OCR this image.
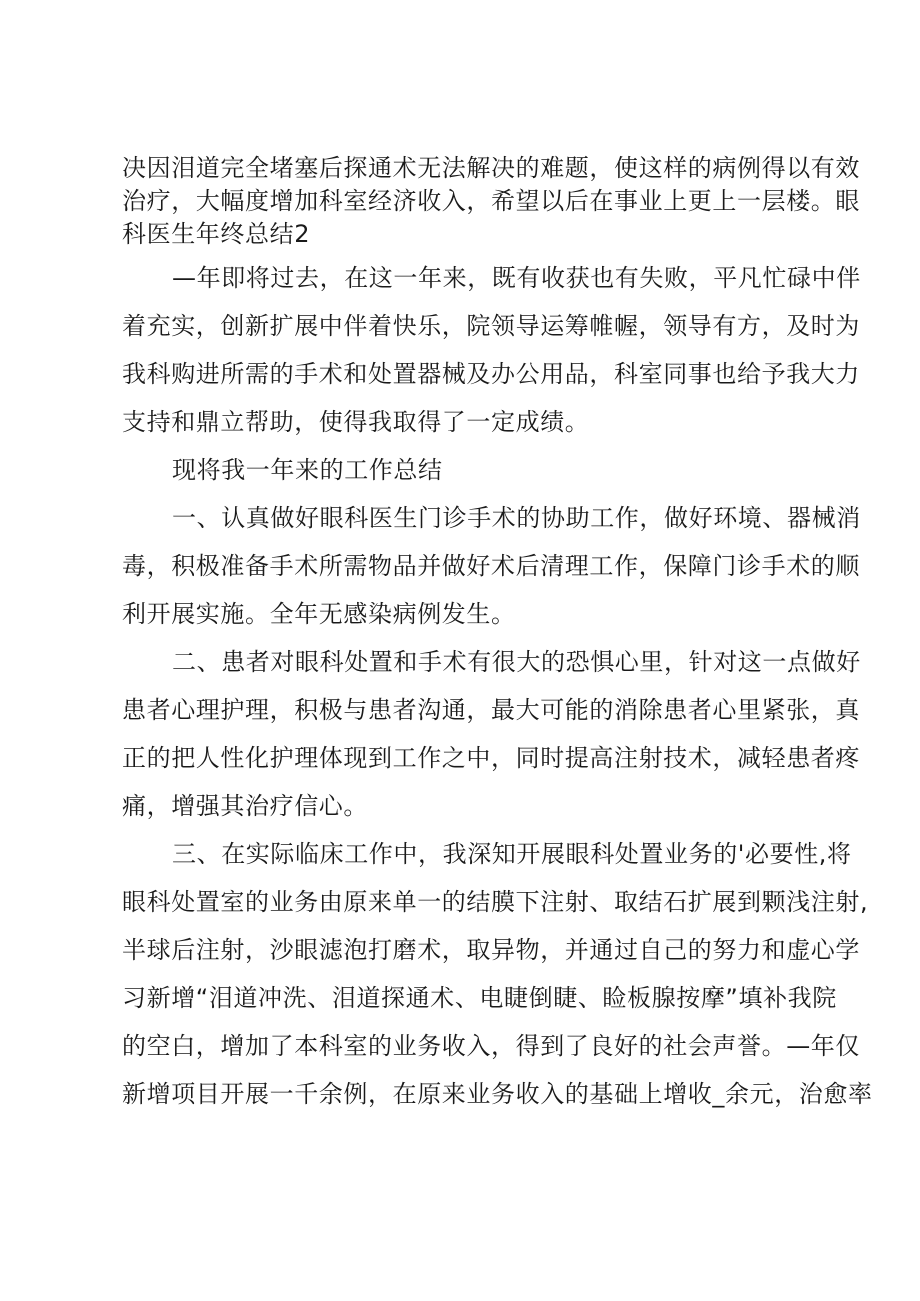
决因泪道完全堵塞后探通术无法解决的难题，使这样的病例得以有效
治疗，大幅度增加科室经济收入，希望以后在事业上更上一层楼。眼
科医生年终总结2
—年即将过去，在这一年来，既有收获也有失败，平凡忙碌中伴
着充实，创新扩展中伴着快乐，院领导运筹帷幄，领导有方，及时为
我科购进所需的手术和处置器械及办公用品，科室同事也给予我大力
支持和鼎立帮助，使得我取得了一定成绩。
现将我一年来的工作总结
一、认真做好眼科医生门诊手术的协助工作，做好环境、器械消
毒，积极准备手术所需物品并做好术后清理工作，保障门诊手术的顺
利开展实施。全年无感染病例发生。
二、患者对眼科处置和手术有很大的恐惧心里，针对这一点做好
患者心理护理，积极与患者沟通，最大可能的消除患者心里紧张，真
正的把人性化护理体现到工作之中，同时提高注射技术，减轻患者疼
痛，增强其治疗信心。
三、在实际临床工作中，我深知开展眼科处置业务的'必要性,将
眼科处置室的业务由原来单一的结膜下注射、取结石扩展到颗浅注射,
半球后注射，沙眼滤泡打磨术，取异物，并通过自己的努力和虚心学
习新增“泪道冲洗、泪道探通术、电睫倒睫、睑板腺按摩”填补我院
的空白，增加了本科室的业务收入，得到了良好的社会声誉。—年仅
新增项目开展一千余例，在原来业务收入的基础上增收_余元，治愈率
